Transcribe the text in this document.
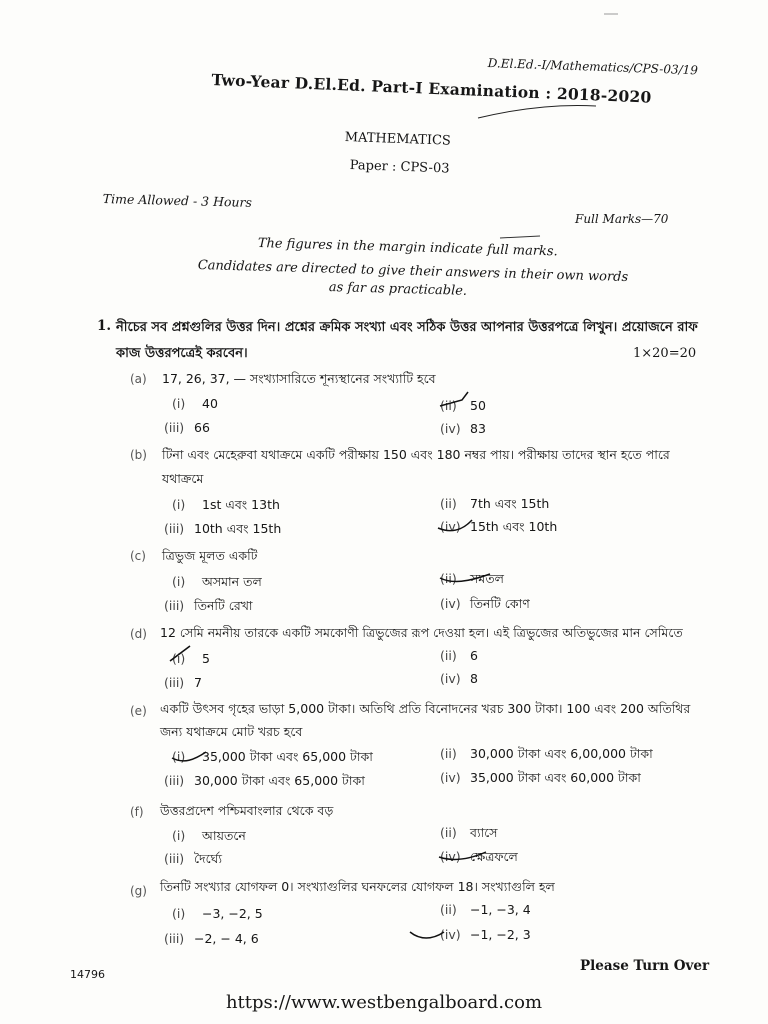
D.El.Ed.-I/Mathematics/CPS-03/19
Two-Year D.El.Ed. Part-I Examination : 2018-2020
MATHEMATICS
Paper : CPS-03
Time Allowed - 3 Hours
Full Marks—70
The figures in the margin indicate full marks.
Candidates are directed to give their answers in their own words
as far as practicable.
1. নীচের সব প্রশ্নগুলির উত্তর দিন। প্রশ্নের ক্রমিক সংখ্যা এবং সঠিক উত্তর আপনার উত্তরপত্রে লিখুন। প্রয়োজনে রাফ
কাজ উত্তরপত্রেই করবেন।	1×20=20
(a) 17, 26, 37, — সংখ্যাসারিতে শূন্যস্থানের সংখ্যাটি হবে
(i) 40	(ii) 50
(iii) 66	(iv) 83
(b) টিনা এবং মেহেরুবা যথাক্রমে একটি পরীক্ষায় 150 এবং 180 নম্বর পায়। পরীক্ষায় তাদের স্থান হতে পারে
যথাক্রমে
(i) 1st এবং 13th	(ii) 7th এবং 15th
(iii) 10th এবং 15th	(iv) 15th এবং 10th
(c) ত্রিভুজ মূলত একটি
(i) অসমান তল	(ii) সমতল
(iii) তিনটি রেখা	(iv) তিনটি কোণ
(d) 12 সেমি নমনীয় তারকে একটি সমকোণী ত্রিভুজের রূপ দেওয়া হল। এই ত্রিভুজের অতিভুজের মান সেমিতে
(i) 5	(ii) 6
(iii) 7	(iv) 8
(e) একটি উৎসব গৃহের ভাড়া 5,000 টাকা। অতিথি প্রতি বিনোদনের খরচ 300 টাকা। 100 এবং 200 অতিথির
জন্য যথাক্রমে মোট খরচ হবে
(i) 35,000 টাকা এবং 65,000 টাকা	(ii) 30,000 টাকা এবং 6,00,000 টাকা
(iii) 30,000 টাকা এবং 65,000 টাকা	(iv) 35,000 টাকা এবং 60,000 টাকা
(f) উত্তরপ্রদেশ পশ্চিমবাংলার থেকে বড়
(i) আয়তনে	(ii) ব্যাসে
(iii) দৈর্ঘ্যে	(iv) ক্ষেত্রফলে
(g) তিনটি সংখ্যার যোগফল 0। সংখ্যাগুলির ঘনফলের যোগফল 18। সংখ্যাগুলি হল
(i) −3, −2, 5	(ii) −1, −3, 4
(iii) −2, − 4, 6	(iv) −1, −2, 3
14796
Please Turn Over
https://www.westbengalboard.com
